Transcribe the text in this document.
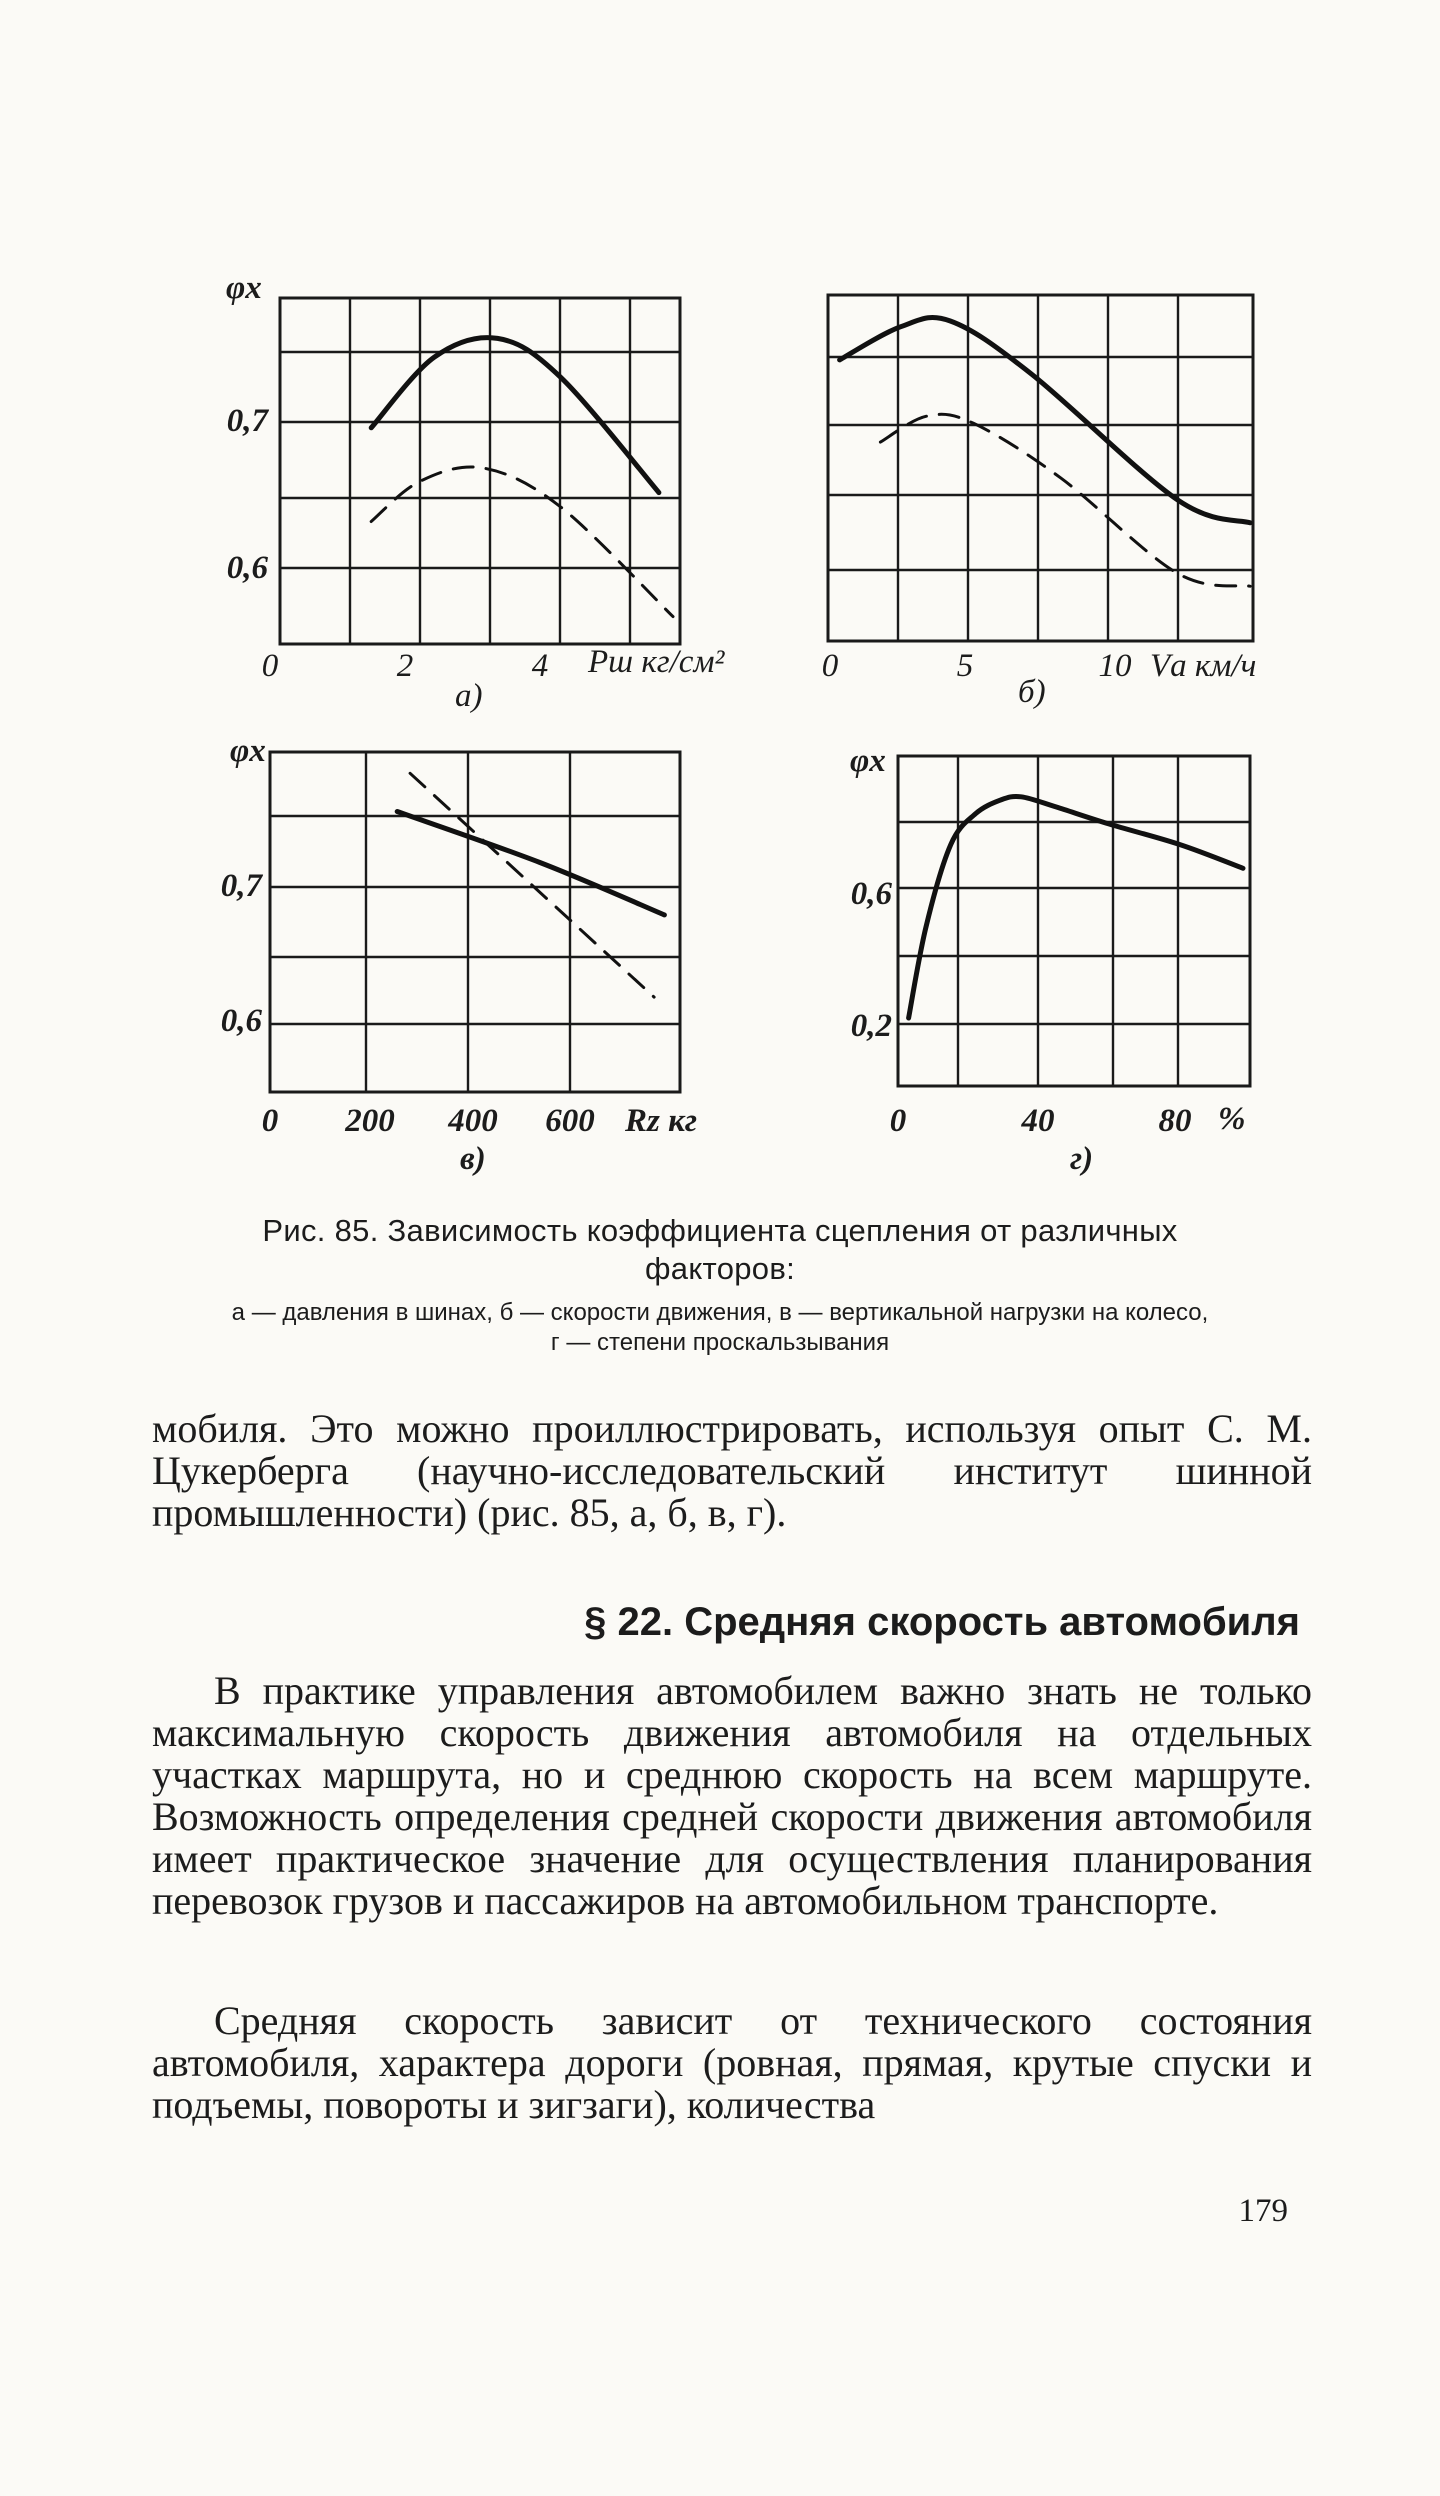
φx
0,7
0,6
0	2	4	Pш кг/см²
а)
0	5	10 Vа км/ч
б)
φx
0,7
0,6
0	200	400	600 Rz кг
в)
φx
0,6
0,2
0	40	80 %
г)
Рис. 85. Зависимость коэффициента сцепления от различных
факторов:
а — давления в шинах, б — скорости движения, в — вертикальной нагрузки на колесо,
г — степени проскальзывания
мобиля. Это можно проиллюстрировать, используя опыт С. М. Цукерберга (научно-исследовательский институт шинной промышленности) (рис. 85, а, б, в, г).
§ 22. Средняя скорость автомобиля
В практике управления автомобилем важно знать не только максимальную скорость движения автомобиля на отдельных участках маршрута, но и среднюю скорость на всем маршруте. Возможность определения средней скорости движения автомобиля имеет практическое значение для осуществления планирования перевозок грузов и пассажиров на автомобильном транспорте.
Средняя скорость зависит от технического состояния автомобиля, характера дороги (ровная, прямая, крутые спуски и подъемы, повороты и зигзаги), количества
179
